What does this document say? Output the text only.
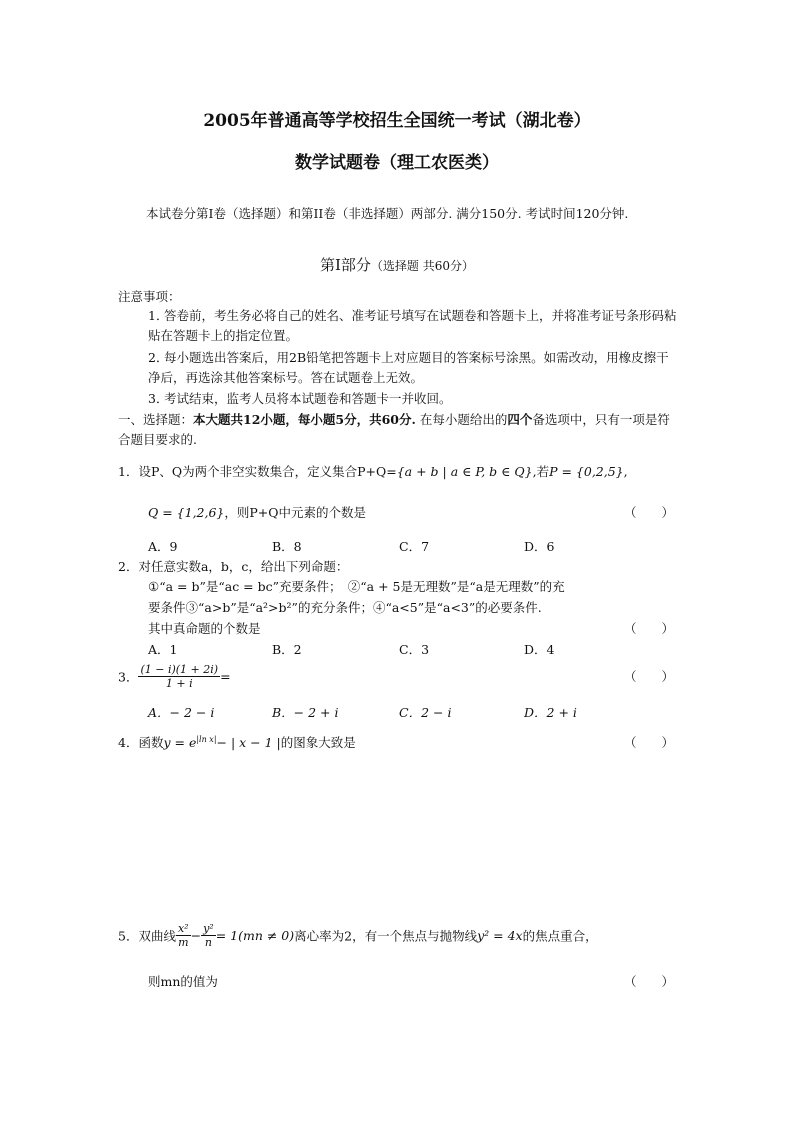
2005年普通高等学校招生全国统一考试（湖北卷）
数学试题卷（理工农医类）
本试卷分第I卷（选择题）和第II卷（非选择题）两部分. 满分150分. 考试时间120分钟.
第I部分（选择题 共60分）
注意事项：
1．答卷前，考生务必将自己的姓名、准考证号填写在试题卷和答题卡上，并将准考证号条形码粘贴在答题卡上的指定位置。
2．每小题选出答案后，用2B铅笔把答题卡上对应题目的答案标号涂黑。如需改动，用橡皮擦干净后，再选涂其他答案标号。答在试题卷上无效。
3．考试结束，监考人员将本试题卷和答题卡一并收回。
一、选择题：本大题共12小题，每小题5分，共60分. 在每小题给出的四个备选项中，只有一项是符合题目要求的.
1．设P、Q为两个非空实数集合，定义集合P+Q={a + b | a ∈ P, b ∈ Q},若P = {0,2,5},
Q = {1,2,6}，则P+Q中元素的个数是	（　　）
A．9	B．8	C．7	D．6
2．对任意实数a，b，c，给出下列命题：
①“a = b”是“ac = bc”充要条件；　②“a + 5是无理数”是“a是无理数”的充
要条件③“a>b”是“a²>b²”的充分条件；④“a<5”是“a<3”的必要条件.
其中真命题的个数是	（　　）
A．1	B．2	C．3	D．4
3． $\frac{(1 - i)(1 + 2i)}{1 + i}$ =	（　　）
A．− 2 − i	B．− 2 + i	C．2 − i	D．2 + i
4．函数$y = e^{|ln x|}-$ | x − 1 |的图象大致是	（　　）
5．双曲线 $\frac{\text{x²}}{m} - \frac{\text{y²}}{n} = 1(mn \ne 0)$离心率为2，有一个焦点与抛物线y² = 4x的焦点重合，
则mn的值为	（　　）
